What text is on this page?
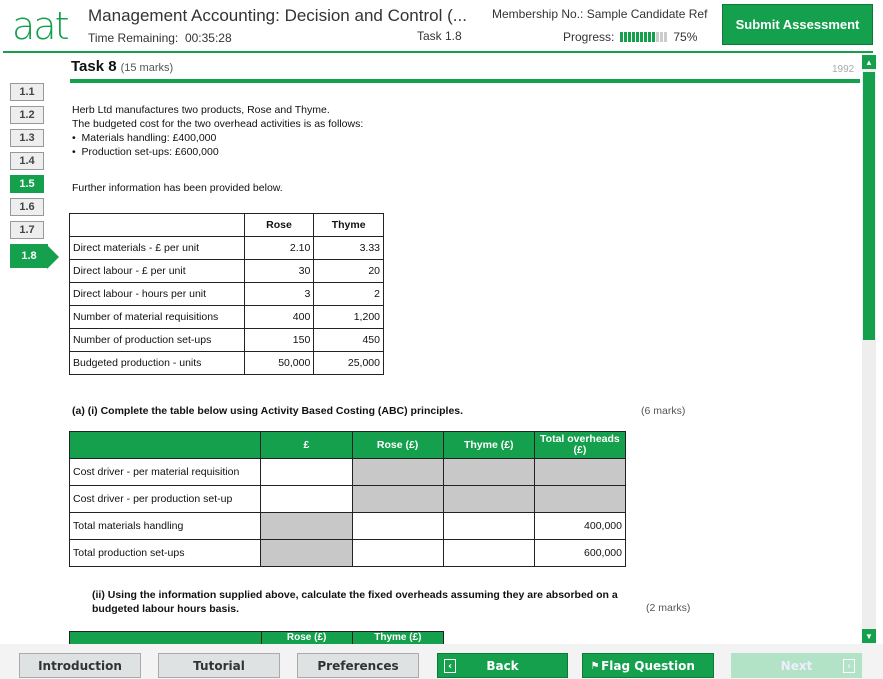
aat Management Accounting: Decision and Control (...
Time Remaining: 00:35:28	Task 1.8
Membership No.: Sample Candidate Ref
Progress:	75%
Submit Assessment
Task 8 (15 marks)	1992
1.1
1.2
1.3
1.4
1.5
1.6
1.7
1.8
Herb Ltd manufactures two products, Rose and Thyme.
The budgeted cost for the two overhead activities is as follows:
•  Materials handling: £400,000
•  Production set-ups: £600,000
Further information has been provided below.
	Rose	Thyme
Direct materials - £ per unit	2.10	3.33
Direct labour - £ per unit	30	20
Direct labour - hours per unit	3	2
Number of material requisitions	400	1,200
Number of production set-ups	150	450
Budgeted production - units	50,000	25,000
(a) (i) Complete the table below using Activity Based Costing (ABC) principles.	(6 marks)
	£	Rose (£)	Thyme (£)	Total overheads (£)
Cost driver - per material requisition				
Cost driver - per production set-up				
Total materials handling				400,000
Total production set-ups				600,000
(ii) Using the information supplied above, calculate the fixed overheads assuming they are absorbed on a budgeted labour hours basis.	(2 marks)
	Rose (£)	Thyme (£)
▲
▼
Introduction	Tutorial	Preferences	‹	Back	⚑ Flag Question	Next	›
